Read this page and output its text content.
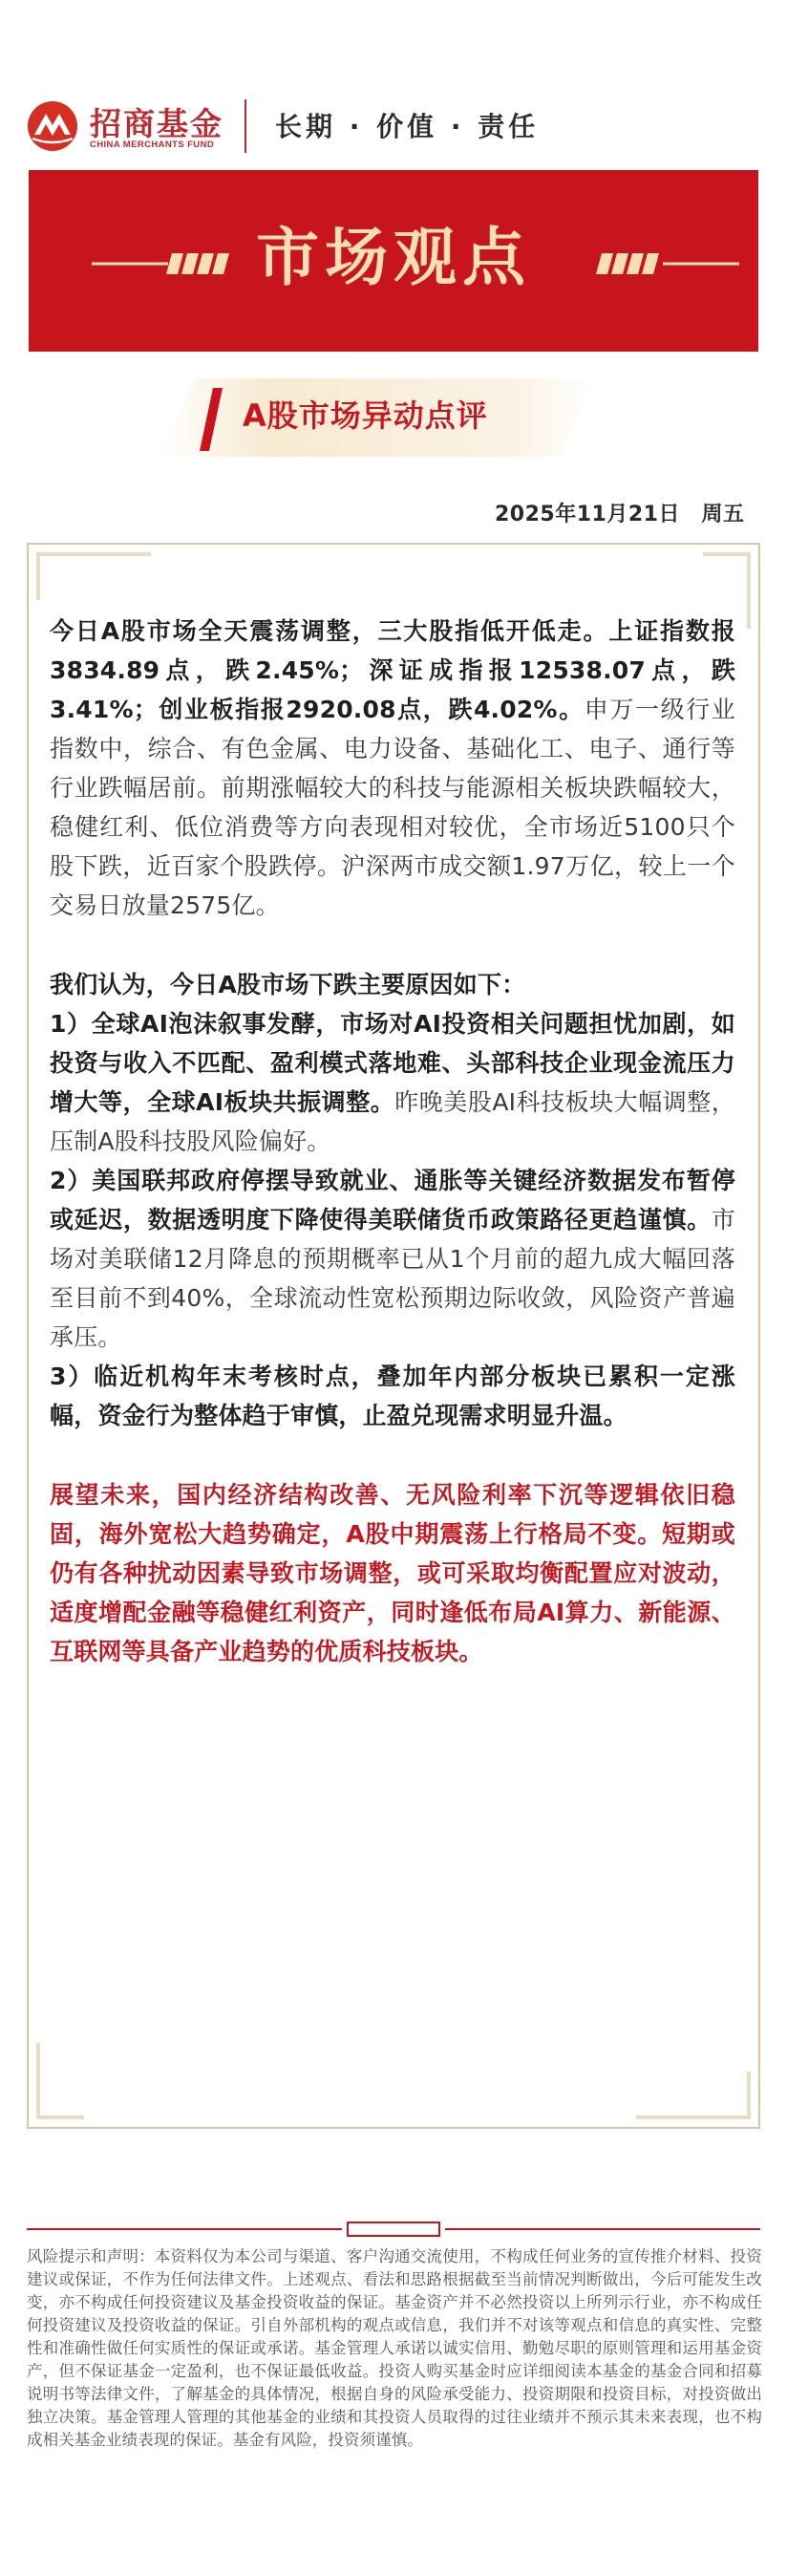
招商基金
CHINA MERCHANTS FUND
长期 · 价值 · 责任
市场观点
A股市场异动点评
2025年11月21日　周五

今日A股市场全天震荡调整，三大股指低开低走。上证指数报3834.89点，跌2.45%；深证成指报12538.07点，跌3.41%；创业板指报2920.08点，跌4.02%。申万一级行业指数中，综合、有色金属、电力设备、基础化工、电子、通行等行业跌幅居前。前期涨幅较大的科技与能源相关板块跌幅较大，稳健红利、低位消费等方向表现相对较优，全市场近5100只个股下跌，近百家个股跌停。沪深两市成交额1.97万亿，较上一个交易日放量2575亿。

我们认为，今日A股市场下跌主要原因如下：

1）全球AI泡沫叙事发酵，市场对AI投资相关问题担忧加剧，如投资与收入不匹配、盈利模式落地难、头部科技企业现金流压力增大等，全球AI板块共振调整。昨晚美股AI科技板块大幅调整，压制A股科技股风险偏好。

2）美国联邦政府停摆导致就业、通胀等关键经济数据发布暂停或延迟，数据透明度下降使得美联储货币政策路径更趋谨慎。市场对美联储12月降息的预期概率已从1个月前的超九成大幅回落至目前不到40%，全球流动性宽松预期边际收敛，风险资产普遍承压。

3）临近机构年末考核时点，叠加年内部分板块已累积一定涨幅，资金行为整体趋于审慎，止盈兑现需求明显升温。

展望未来，国内经济结构改善、无风险利率下沉等逻辑依旧稳固，海外宽松大趋势确定，A股中期震荡上行格局不变。短期或仍有各种扰动因素导致市场调整，或可采取均衡配置应对波动，适度增配金融等稳健红利资产，同时逢低布局AI算力、新能源、互联网等具备产业趋势的优质科技板块。

风险提示和声明：本资料仅为本公司与渠道、客户沟通交流使用，不构成任何业务的宣传推介材料、投资建议或保证，不作为任何法律文件。上述观点、看法和思路根据截至当前情况判断做出，今后可能发生改变，亦不构成任何投资建议及基金投资收益的保证。基金资产并不必然投资以上所列示行业，亦不构成任何投资建议及投资收益的保证。引自外部机构的观点或信息，我们并不对该等观点和信息的真实性、完整性和准确性做任何实质性的保证或承诺。基金管理人承诺以诚实信用、勤勉尽职的原则管理和运用基金资产，但不保证基金一定盈利，也不保证最低收益。投资人购买基金时应详细阅读本基金的基金合同和招募说明书等法律文件，了解基金的具体情况，根据自身的风险承受能力、投资期限和投资目标，对投资做出独立决策。基金管理人管理的其他基金的业绩和其投资人员取得的过往业绩并不预示其未来表现，也不构成相关基金业绩表现的保证。基金有风险，投资须谨慎。
